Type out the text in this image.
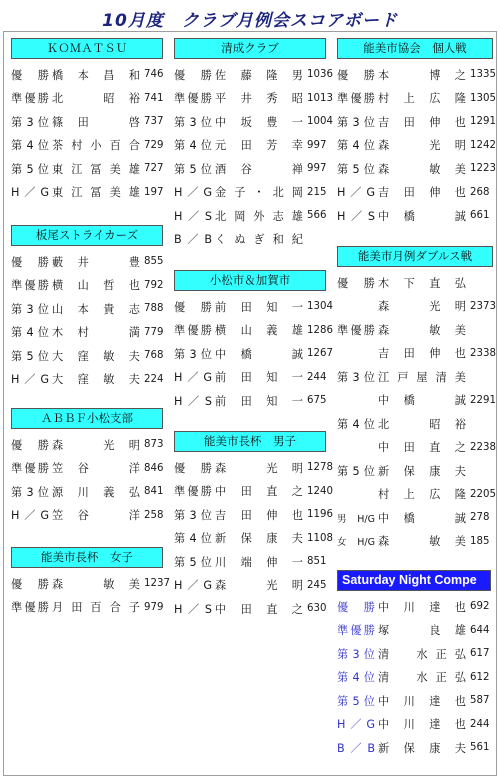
10月度　クラブ月例会スコアボード
ＫＯＭＡＴＳＵ
優 勝 橋本昌和 746
準優勝 北　昭裕 741
第3位 篠田　啓 737
第4位 茶村小百合 729
第5位 東江冨美雄 727
H／G 東江冨美雄 197
板尾ストライカーズ
優 勝 藪井　豊 855
準優勝 横山哲也 792
第3位 山本貴志 788
第4位 木村　満 779
第5位 大窪敏夫 768
H／G 大窪敏夫 224
ＡＢＢＦ小松支部
優 勝 森　光明 873
準優勝 笠谷　洋 846
第3位 源川義弘 841
H／G 笠谷　洋 258
能美市長杯　女子
優 勝 森　敏美 1237
準優勝 月田百合子 979
清成クラブ
優 勝 佐藤隆男 1036
準優勝 平井秀昭 1013
第3位 中坂豊一 1004
第4位 元田芳幸 997
第5位 酒谷　禅 997
H／G 金子・北岡 215
H／S 北岡外志雄 566
B／B くぬぎ和紀
小松市＆加賀市
優 勝 前田知一 1304
準優勝 横山義雄 1286
第3位 中橋　誠 1267
H／G 前田知一 244
H／S 前田知一 675
能美市長杯　男子
優 勝 森　光明 1278
準優勝 中田直之 1240
第3位 吉田伸也 1196
第4位 新保康夫 1108
第5位 川端伸一 851
H／G 森　光明 245
H／S 中田直之 630
能美市協会　個人戦
優 勝 本　博之 1335
準優勝 村上広隆 1305
第3位 吉田伸也 1291
第4位 森　光明 1242
第5位 森　敏美 1223
H／G 吉田伸也 268
H／S 中橋　誠 661
能美市月例ダブルス戦
優 勝 木下直弘

森　光明 2373
準優勝 森　敏美

吉田伸也 2338
第3位 江戸屋清美

中橋　誠 2291
第4位 北　昭裕

中田直之 2238
第5位 新保康夫

村上広隆 2205
男H/G 中橋　誠 278
女H/G 森　敏美 185
Saturday Night Compe
優 勝 中川達也 692
準優勝 塚　良雄 644
第3位 清　水正弘 617
第4位 清　水正弘 612
第5位 中川達也 587
H／G 中川達也 244
B／B 新保康夫 561
